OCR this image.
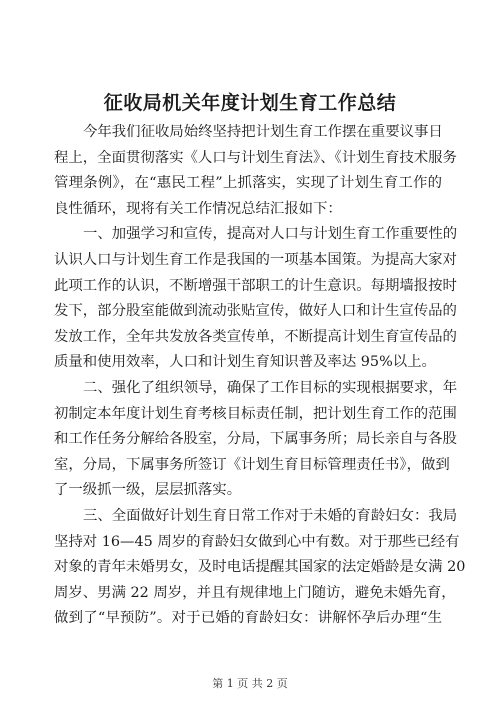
征收局机关年度计划生育工作总结
今年我们征收局始终坚持把计划生育工作摆在重要议事日
程上，全面贯彻落实《人口与计划生育法》、《计划生育技术服务
管理条例》，在“惠民工程”上抓落实，实现了计划生育工作的
良性循环，现将有关工作情况总结汇报如下：
一、加强学习和宣传，提高对人口与计划生育工作重要性的
认识人口与计划生育工作是我国的一项基本国策。为提高大家对
此项工作的认识，不断增强干部职工的计生意识。每期墙报按时
发下，部分股室能做到流动张贴宣传，做好人口和计生宣传品的
发放工作，全年共发放各类宣传单，不断提高计划生育宣传品的
质量和使用效率，人口和计划生育知识普及率达 95%以上。
二、强化了组织领导，确保了工作目标的实现根据要求，年
初制定本年度计划生育考核目标责任制，把计划生育工作的范围
和工作任务分解给各股室，分局，下属事务所；局长亲自与各股
室，分局，下属事务所签订《计划生育目标管理责任书》，做到
了一级抓一级，层层抓落实。
三、全面做好计划生育日常工作对于未婚的育龄妇女：我局
坚持对 16—45 周岁的育龄妇女做到心中有数。对于那些已经有
对象的青年未婚男女，及时电话提醒其国家的法定婚龄是女满 20
周岁、男满 22 周岁，并且有规律地上门随访，避免未婚先育，
做到了“早预防”。对于已婚的育龄妇女：讲解怀孕后办理“生
第 1 页 共 2 页
